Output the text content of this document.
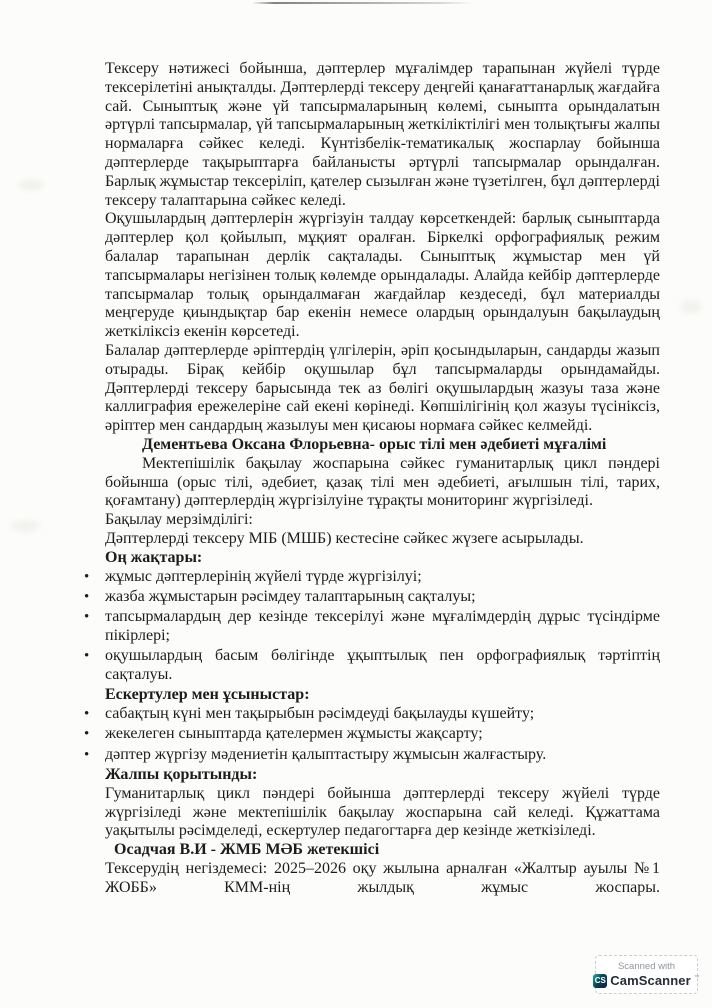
Тексеру нәтижесі бойынша, дәптерлер мұғалімдер тарапынан жүйелі түрде тексерілетіні анықталды. Дәптерлерді тексеру деңгейі қанағаттанарлық жағдайға сай. Сыныптық және үй тапсырмаларының көлемі, сыныпта орындалатын әртүрлі тапсырмалар, үй тапсырмаларының жеткіліктілігі мен толықтығы жалпы нормаларға сәйкес келеді. Күнтізбелік-тематикалық жоспарлау бойынша дәптерлерде тақырыптарға байланысты әртүрлі тапсырмалар орындалған. Барлық жұмыстар тексеріліп, қателер сызылған және түзетілген, бұл дәптерлерді тексеру талаптарына сәйкес келеді.

Оқушылардың дәптерлерін жүргізуін талдау көрсеткендей: барлық сыныптарда дәптерлер қол қойылып, мұқият оралған. Біркелкі орфографиялық режим балалар тарапынан дерлік сақталады. Сыныптық жұмыстар мен үй тапсырмалары негізінен толық көлемде орындалады. Алайда кейбір дәптерлерде тапсырмалар толық орындалмаған жағдайлар кездеседі, бұл материалды меңгеруде қиындықтар бар екенін немесе олардың орындалуын бақылаудың жеткіліксіз екенін көрсетеді.

Балалар дәптерлерде әріптердің үлгілерін, әріп қосындыларын, сандарды жазып отырады. Бірақ кейбір оқушылар бұл тапсырмаларды орындамайды. Дәптерлерді тексеру барысында тек аз бөлігі оқушылардың жазуы таза және каллиграфия ережелеріне сай екені көрінеді. Көпшілігінің қол жазуы түсініксіз, әріптер мен сандардың жазылуы мен қисаюы нормаға сәйкес келмейді.

Дементьева Оксана Флорьевна- орыс тілі мен әдебиеті мұғалімі

Мектепішілік бақылау жоспарына сәйкес гуманитарлық цикл пәндері бойынша (орыс тілі, әдебиет, қазақ тілі мен әдебиеті, ағылшын тілі, тарих, қоғамтану) дәптерлердің жүргізілуіне тұрақты мониторинг жүргізіледі.

Бақылау мерзімділігі:

Дәптерлерді тексеру МІБ (МШБ) кестесіне сәйкес жүзеге асырылады.

Оң жақтары:

• жұмыс дәптерлерінің жүйелі түрде жүргізілуі;
• жазба жұмыстарын рәсімдеу талаптарының сақталуы;
• тапсырмалардың дер кезінде тексерілуі және мұғалімдердің дұрыс түсіндірме пікірлері;
• оқушылардың басым бөлігінде ұқыптылық пен орфографиялық тәртіптің сақталуы.

Ескертулер мен ұсыныстар:

• сабақтың күні мен тақырыбын рәсімдеуді бақылауды күшейту;
• жекелеген сыныптарда қателермен жұмысты жақсарту;
• дәптер жүргізу мәдениетін қалыптастыру жұмысын жалғастыру.

Жалпы қорытынды:

Гуманитарлық цикл пәндері бойынша дәптерлерді тексеру жүйелі түрде жүргізіледі және мектепішілік бақылау жоспарына сай келеді. Құжаттама уақытылы рәсімделеді, ескертулер педагогтарға дер кезінде жеткізіледі.

Осадчая В.И - ЖМБ МӘБ жетекшісі

Тексерудің негіздемесі: 2025–2026 оқу жылына арналған «Жалтыр ауылы №1 ЖОББ» КММ-нің жылдық жұмыс жоспары.

Scanned with
CS CamScanner ™
